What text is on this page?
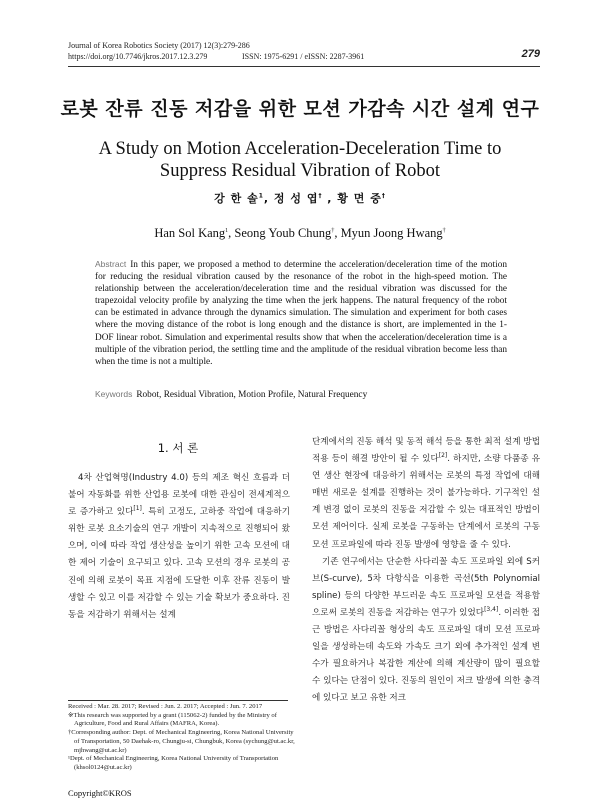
Journal of Korea Robotics Society (2017) 12(3):279-286
https://doi.org/10.7746/jkros.2017.12.3.279	ISSN: 1975-6291 / eISSN: 2287-3961	279
로봇 잔류 진동 저감을 위한 모션 가감속 시간 설계 연구
A Study on Motion Acceleration-Deceleration Time to
Suppress Residual Vibration of Robot
강 한 솔$^1$, 정 성 엽† , 황 면 중†
Han Sol Kang$^1$, Seong Youb Chung†, Myun Joong Hwang†
Abstract In this paper, we proposed a method to determine the acceleration/deceleration time of the motion for reducing the residual vibration caused by the resonance of the robot in the high-speed motion. The relationship between the acceleration/deceleration time and the residual vibration was discussed for the trapezoidal velocity profile by analyzing the time when the jerk happens. The natural frequency of the robot can be estimated in advance through the dynamics simulation. The simulation and experiment for both cases where the moving distance of the robot is long enough and the distance is short, are implemented in the 1-DOF linear robot. Simulation and experimental results show that when the acceleration/deceleration time is a multiple of the vibration period, the settling time and the amplitude of the residual vibration become less than when the time is not a multiple.
Keywords Robot, Residual Vibration, Motion Profile, Natural Frequency
1. 서 론
4차 산업혁명(Industry 4.0) 등의 제조 혁신 흐름과 더불어 자동화를 위한 산업용 로봇에 대한 관심이 전세계적으로 증가하고 있다[1]. 특히 고정도, 고하중 작업에 대응하기 위한 로봇 요소기술의 연구 개발이 지속적으로 진행되어 왔으며, 이에 따라 작업 생산성을 높이기 위한 고속 모션에 대한 제어 기술이 요구되고 있다. 고속 모션의 경우 로봇의 공진에 의해 로봇이 목표 지점에 도달한 이후 잔류 진동이 발생할 수 있고 이를 저감할 수 있는 기술 확보가 중요하다. 진동을 저감하기 위해서는 설계

단계에서의 진동 해석 및 동적 해석 등을 통한 최적 설계 방법 적용 등이 해결 방안이 될 수 있다[2]. 하지만, 소량 다품종 유연 생산 현장에 대응하기 위해서는 로봇의 특정 작업에 대해 매번 새로운 설계를 진행하는 것이 불가능하다. 기구적인 설계 변경 없이 로봇의 진동을 저감할 수 있는 대표적인 방법이 모션 제어이다. 실제 로봇을 구동하는 단계에서 로봇의 구동 모션 프로파일에 따라 진동 발생에 영향을 줄 수 있다.

기존 연구에서는 단순한 사다리꼴 속도 프로파일 외에 S커브(S-curve), 5차 다항식을 이용한 곡선(5th Polynomial spline) 등의 다양한 부드러운 속도 프로파일 모션을 적용함으로써 로봇의 진동을 저감하는 연구가 있었다[3,4]. 이러한 접근 방법은 사다리꼴 형상의 속도 프로파일 대비 모션 프로파일을 생성하는데 속도와 가속도 크기 외에 추가적인 설계 변수가 필요하거나 복잡한 계산에 의해 계산량이 많이 필요할 수 있다는 단점이 있다. 진동의 원인이 저크 발생에 의한 충격에 있다고 보고 유한 저크

Received : Mar. 28. 2017; Revised : Jun. 2. 2017; Accepted : Jun. 7. 2017
※This research was supported by a grant (115062-2) funded by the Ministry of Agriculture, Food and Rural Affairs (MAFRA, Korea).
†Corresponding author: Dept. of Mechanical Engineering, Korea National University of Transportation, 50 Daehak-ro, Chungju-si, Chungbuk, Korea (sychung@ut.ac.kr, mjhwang@ut.ac.kr)
¹Dept. of Mechanical Engineering, Korea National University of Transportation (khsol0124@ut.ac.kr)
Copyright©KROS
